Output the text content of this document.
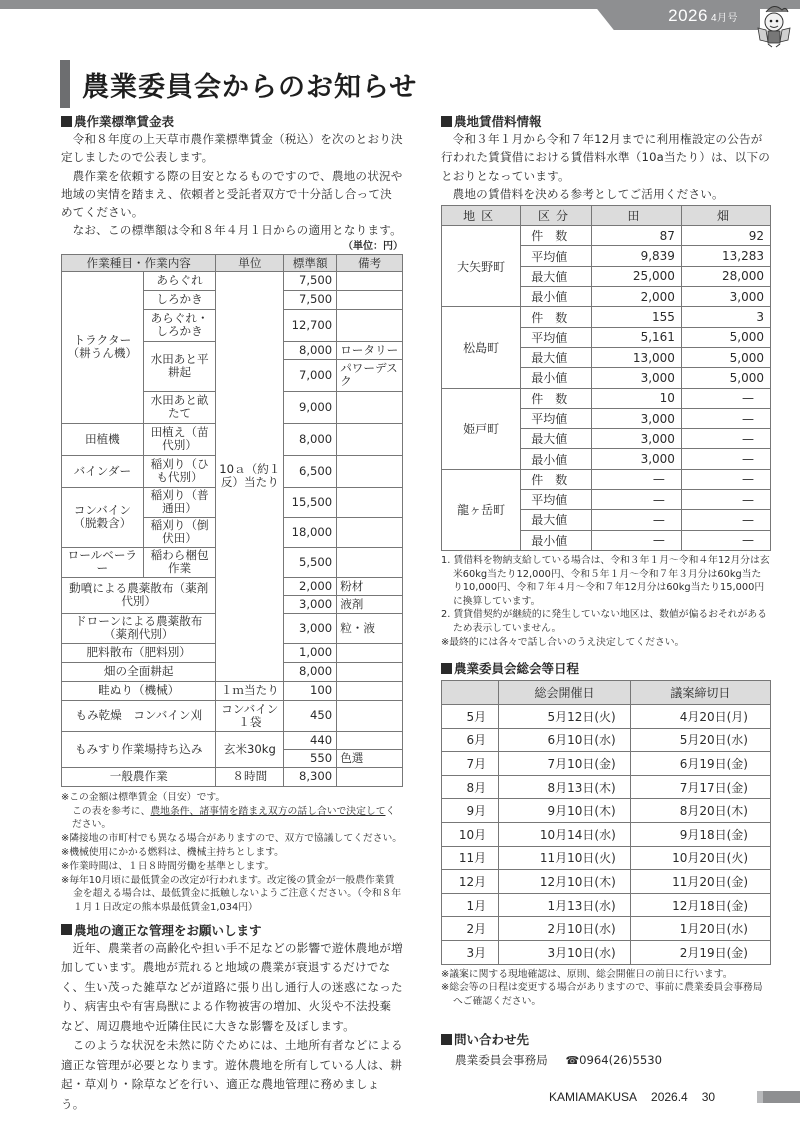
2026 4月号
農業委員会からのお知らせ
農作業標準賃金表

令和８年度の上天草市農作業標準賃金（税込）を次のとおり決定しましたので公表します。

農作業を依頼する際の目安となるものですので、農地の状況や地域の実情を踏まえ、依頼者と受託者双方で十分話し合って決めてください。

なお、この標準額は令和８年４月１日からの適用となります。

（単位：円）
作業種目・作業内容		単位	標準額	備考
トラクター（耕うん機）	あらぐれ	10ａ（約１反）当たり	7,500	
	しろかき		7,500	
	あらぐれ・しろかき		12,700	
	水田あと平耕起		8,000	ロータリー
			7,000	パワーデスク
	水田あと畝たて		9,000	

田植機	田植え（苗代別）		8,000	
バインダー	稲刈り（ひも代別）		6,500	
コンバイン（脱穀含）	稲刈り（普通田）		15,500	
	稲刈り（倒伏田）		18,000	
ロールベーラー	稲わら梱包作業		5,500	
動噴による農薬散布（薬剤代別）			2,000	粉材
			3,000	液剤
ドローンによる農薬散布（薬剤代別）			3,000	粒・液
肥料散布（肥料別）			1,000	
畑の全面耕起			8,000	
畦ぬり（機械）		１ｍ当たり	100	
もみ乾燥　コンバイン刈		コンバイン１袋	450	
もみすり作業場持ち込み		玄米30kg	440	
			550	色選
一般農作業		８時間	8,300	
※この金額は標準賃金（目安）です。
この表を参考に、農地条件、諸事情を踏まえ双方の話し合いで決定してください。
※隣接地の市町村でも異なる場合がありますので、双方で協議してください。
※機械使用にかかる燃料は、機械主持ちとします。
※作業時間は、１日８時間労働を基準とします。
※毎年10月頃に最低賃金の改定が行われます。改定後の賃金が一般農作業賃金を超える場合は、最低賃金に抵触しないようご注意ください。（令和８年１月１日改定の熊本県最低賃金1,034円）
農地の適正な管理をお願いします

近年、農業者の高齢化や担い手不足などの影響で遊休農地が増加しています。農地が荒れると地域の農業が衰退するだけでなく、生い茂った雑草などが道路に張り出し通行人の迷惑になったり、病害虫や有害鳥獣による作物被害の増加、火災や不法投棄など、周辺農地や近隣住民に大きな影響を及ぼします。

このような状況を未然に防ぐためには、土地所有者などによる適正な管理が必要となります。遊休農地を所有している人は、耕起・草刈り・除草などを行い、適正な農地管理に務めましょう。

農地賃借料情報

令和３年１月から令和７年12月までに利用権設定の公告が行われた賃貸借における賃借料水準（10a当たり）は、以下のとおりとなっています。

農地の賃借料を決める参考としてご活用ください。

地区	区分	田	畑
大矢野町	件　数	87	92
	平均値	9,839	13,283
	最大値	25,000	28,000
	最小値	2,000	3,000
松島町	件　数	155	3
	平均値	5,161	5,000
	最大値	13,000	5,000
	最小値	3,000	5,000
姫戸町	件　数	10	—
	平均値	3,000	—
	最大値	3,000	—
	最小値	3,000	—
龍ヶ岳町	件　数	—	—
	平均値	—	—
	最大値	—	—
	最小値	—	—
1. 賃借料を物納支給している場合は、令和３年１月～令和４年12月分は玄米60kg当たり12,000円、令和５年１月～令和７年３月分は60kg当たり10,000円、令和７年４月～令和７年12月分は60kg当たり15,000円に換算しています。
2. 賃貸借契約が継続的に発生していない地区は、数値が偏るおそれがあるため表示していません。
※最終的には各々で話し合いのうえ決定してください。
農業委員会総会等日程
	総会開催日	議案締切日
5月	5月12日(火)	4月20日(月)
6月	6月10日(水)	5月20日(水)
7月	7月10日(金)	6月19日(金)
8月	8月13日(木)	7月17日(金)
9月	9月10日(木)	8月20日(木)
10月	10月14日(水)	9月18日(金)
11月	11月10日(火)	10月20日(火)
12月	12月10日(木)	11月20日(金)
1月	1月13日(水)	12月18日(金)
2月	2月10日(水)	1月20日(水)
3月	3月10日(水)	2月19日(金)
※議案に関する現地確認は、原則、総会開催日の前日に行います。
※総会等の日程は変更する場合がありますので、事前に農業委員会事務局へご確認ください。
問い合わせ先
農業委員会事務局 ☎0964(26)5530
KAMIAMAKUSA 2026.4 30
